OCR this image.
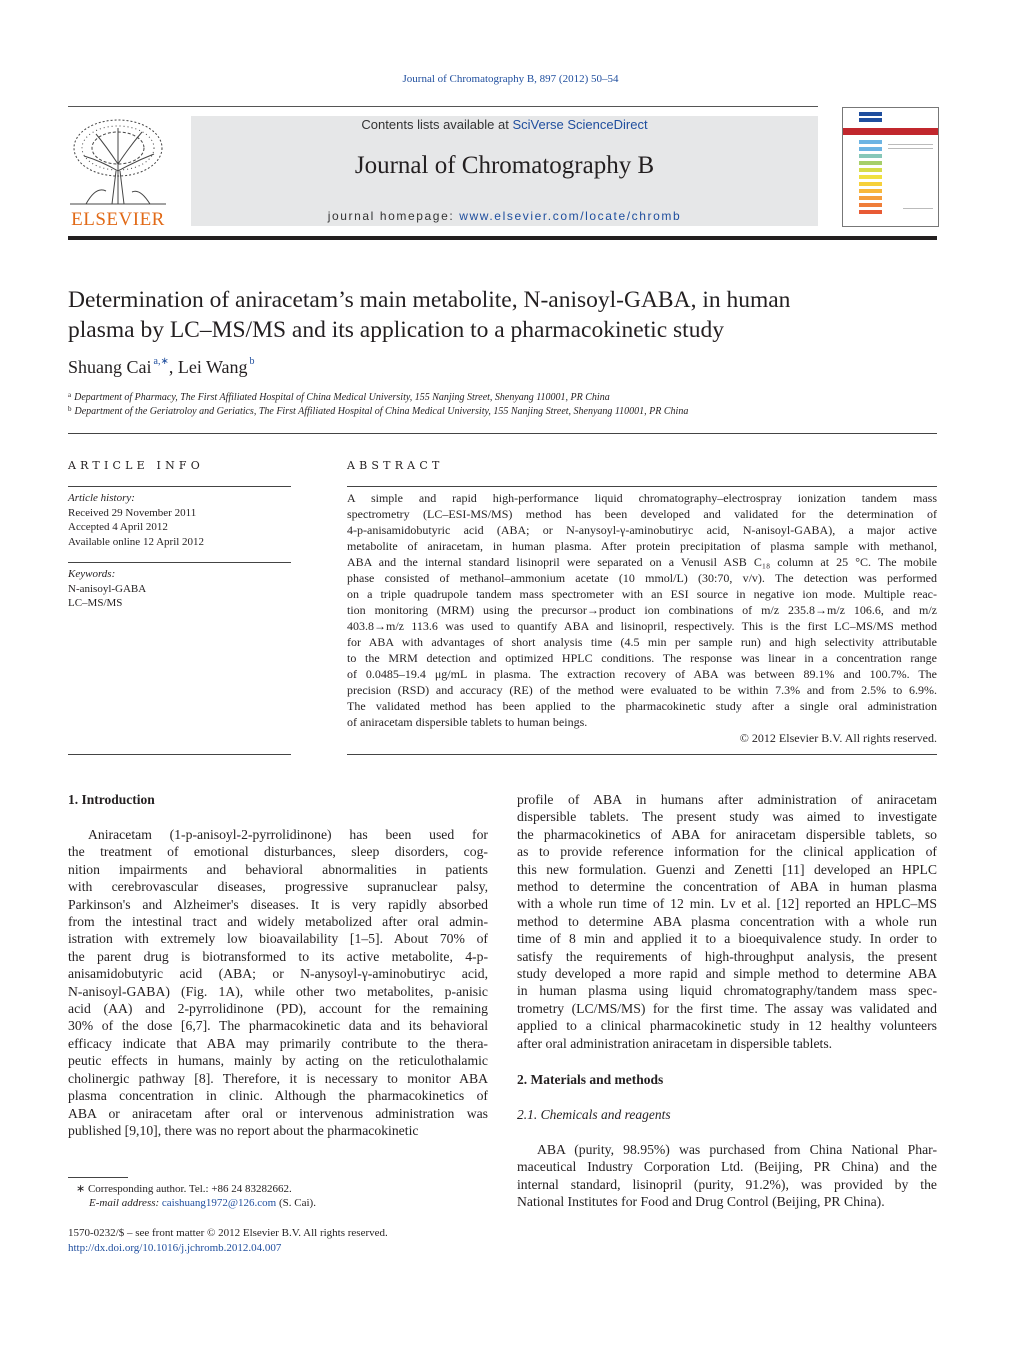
Journal of Chromatography B, 897 (2012) 50–54
ELSEVIER
Contents lists available at SciVerse ScienceDirect
Journal of Chromatography B
journal homepage: www.elsevier.com/locate/chromb
Determination of aniracetam’s main metabolite, N-anisoyl-GABA, in human
plasma by LC–MS/MS and its application to a pharmacokinetic study
Shuang Cai $^{a,∗}$, Lei Wang $^b$
$^a$ Department of Pharmacy, The First Affiliated Hospital of China Medical University, 155 Nanjing Street, Shenyang 110001, PR China
$^b$ Department of the Geriatroloy and Geriatics, The First Affiliated Hospital of China Medical University, 155 Nanjing Street, Shenyang 110001, PR China
ARTICLE INFO
Article history:
Received 29 November 2011
Accepted 4 April 2012
Available online 12 April 2012
Keywords:
N-anisoyl-GABA
LC–MS/MS
ABSTRACT
A simple and rapid high-performance liquid chromatography–electrospray ionization tandem mass
spectrometry (LC–ESI-MS/MS) method has been developed and validated for the determination of
4-p-anisamidobutyric acid (ABA; or N-anysoyl-γ-aminobutiryc acid, N-anisoyl-GABA), a major active
metabolite of aniracetam, in human plasma. After protein precipitation of plasma sample with methanol,
ABA and the internal standard lisinopril were separated on a Venusil ASB C₁₈ column at 25 °C. The mobile
phase consisted of methanol–ammonium acetate (10 mmol/L) (30:70, v/v). The detection was performed
on a triple quadrupole tandem mass spectrometer with an ESI source in negative ion mode. Multiple reac-
tion monitoring (MRM) using the precursor→product ion combinations of m/z 235.8→m/z 106.6, and m/z
403.8→m/z 113.6 was used to quantify ABA and lisinopril, respectively. This is the first LC–MS/MS method
for ABA with advantages of short analysis time (4.5 min per sample run) and high selectivity attributable
to the MRM detection and optimized HPLC conditions. The response was linear in a concentration range
of 0.0485–19.4 μg/mL in plasma. The extraction recovery of ABA was between 89.1% and 100.7%. The
precision (RSD) and accuracy (RE) of the method were evaluated to be within 7.3% and from 2.5% to 6.9%.
The validated method has been applied to the pharmacokinetic study after a single oral administration
of aniracetam dispersible tablets to human beings.
© 2012 Elsevier B.V. All rights reserved.
1. Introduction
Aniracetam (1-p-anisoyl-2-pyrrolidinone) has been used for
the treatment of emotional disturbances, sleep disorders, cog-
nition impairments and behavioral abnormalities in patients
with cerebrovascular diseases, progressive supranuclear palsy,
Parkinson's and Alzheimer's diseases. It is very rapidly absorbed
from the intestinal tract and widely metabolized after oral admin-
istration with extremely low bioavailability [1–5]. About 70% of
the parent drug is biotransformed to its active metabolite, 4-p-
anisamidobutyric acid (ABA; or N-anysoyl-γ-aminobutiryc acid,
N-anisoyl-GABA) (Fig. 1A), while other two metabolites, p-anisic
acid (AA) and 2-pyrrolidinone (PD), account for the remaining
30% of the dose [6,7]. The pharmacokinetic data and its behavioral
efficacy indicate that ABA may primarily contribute to the thera-
peutic effects in humans, mainly by acting on the reticulothalamic
cholinergic pathway [8]. Therefore, it is necessary to monitor ABA
plasma concentration in clinic. Although the pharmacokinetics of
ABA or aniracetam after oral or intervenous administration was
published [9,10], there was no report about the pharmacokinetic
profile of ABA in humans after administration of aniracetam
dispersible tablets. The present study was aimed to investigate
the pharmacokinetics of ABA for aniracetam dispersible tablets, so
as to provide reference information for the clinical application of
this new formulation. Guenzi and Zenetti [11] developed an HPLC
method to determine the concentration of ABA in human plasma
with a whole run time of 12 min. Lv et al. [12] reported an HPLC–MS
method to determine ABA plasma concentration with a whole run
time of 8 min and applied it to a bioequivalence study. In order to
satisfy the requirements of high-throughput analysis, the present
study developed a more rapid and simple method to determine ABA
in human plasma using liquid chromatography/tandem mass spec-
trometry (LC/MS/MS) for the first time. The assay was validated and
applied to a clinical pharmacokinetic study in 12 healthy volunteers
after oral administration aniracetam in dispersible tablets.
2. Materials and methods
2.1. Chemicals and reagents
ABA (purity, 98.95%) was purchased from China National Phar-
maceutical Industry Corporation Ltd. (Beijing, PR China) and the
internal standard, lisinopril (purity, 91.2%), was provided by the
National Institutes for Food and Drug Control (Beijing, PR China).
∗ Corresponding author. Tel.: +86 24 83282662.
E-mail address: caishuang1972@126.com (S. Cai).
1570-0232/$ – see front matter © 2012 Elsevier B.V. All rights reserved.
http://dx.doi.org/10.1016/j.jchromb.2012.04.007
